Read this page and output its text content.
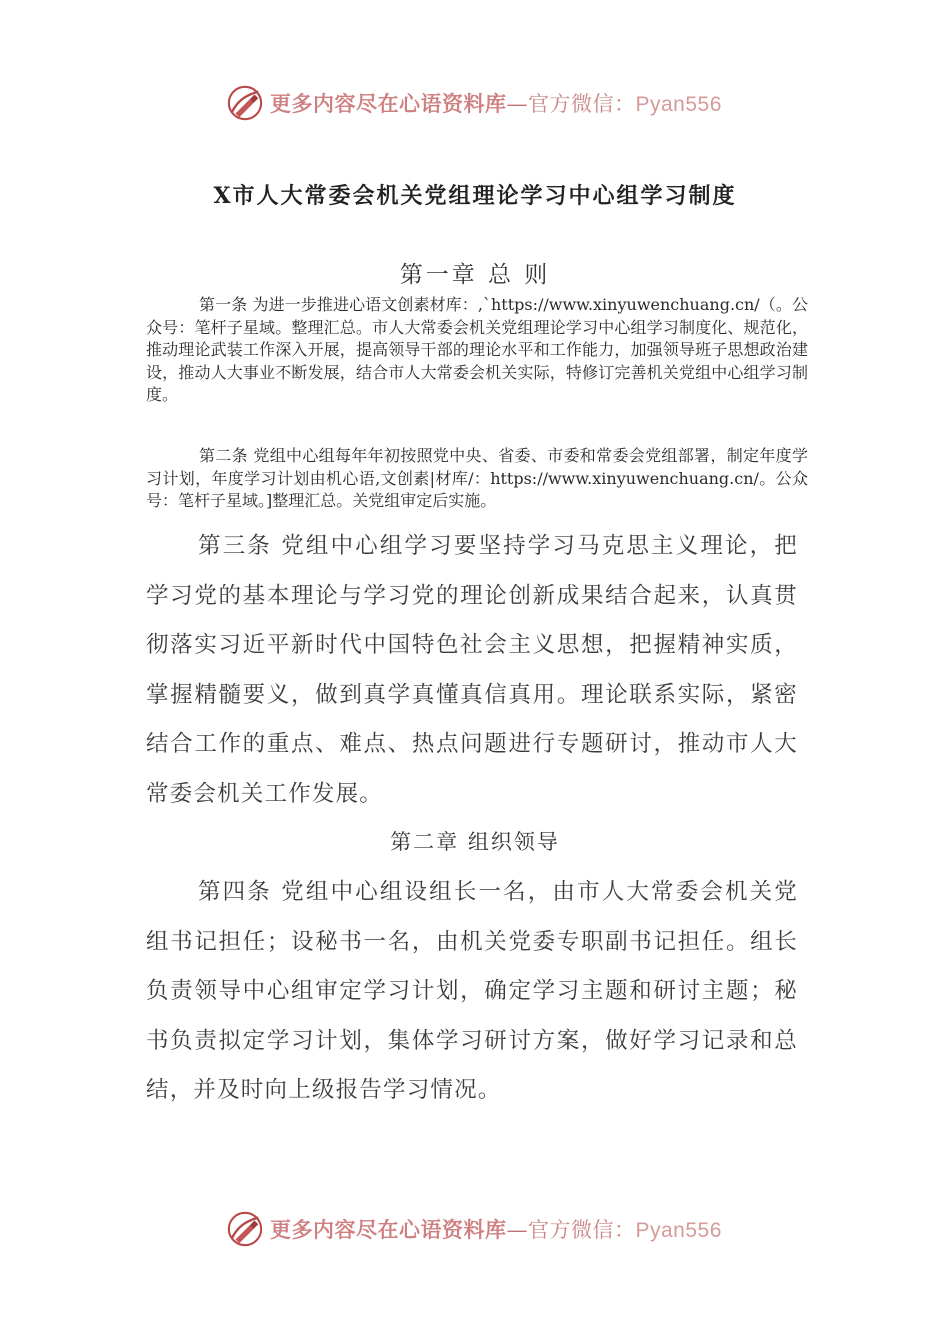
更多内容尽在心语资料库—官方微信：Pyan556
X市人大常委会机关党组理论学习中心组学习制度
第一章 总 则

第一条 为进一步推进心语文创素材库：,`https://www.xinyuwenchuang.cn/（。公众号：笔杆子星域。整理汇总。市人大常委会机关党组理论学习中心组学习制度化、规范化，推动理论武装工作深入开展，提高领导干部的理论水平和工作能力，加强领导班子思想政治建设，推动人大事业不断发展，结合市人大常委会机关实际，特修订完善机关党组中心组学习制度。

第二条 党组中心组每年年初按照党中央、省委、市委和常委会党组部署，制定年度学习计划，年度学习计划由机心语,文创素|材库/：https://www.xinyuwenchuang.cn/。公众号：笔杆子星域。]整理汇总。关党组审定后实施。

第三条 党组中心组学习要坚持学习马克思主义理论，把学习党的基本理论与学习党的理论创新成果结合起来，认真贯彻落实习近平新时代中国特色社会主义思想，把握精神实质，掌握精髓要义，做到真学真懂真信真用。理论联系实际，紧密结合工作的重点、难点、热点问题进行专题研讨，推动市人大常委会机关工作发展。

第二章 组织领导

第四条 党组中心组设组长一名，由市人大常委会机关党组书记担任；设秘书一名，由机关党委专职副书记担任。组长负责领导中心组审定学习计划，确定学习主题和研讨主题；秘书负责拟定学习计划，集体学习研讨方案，做好学习记录和总结，并及时向上级报告学习情况。

更多内容尽在心语资料库—官方微信：Pyan556
